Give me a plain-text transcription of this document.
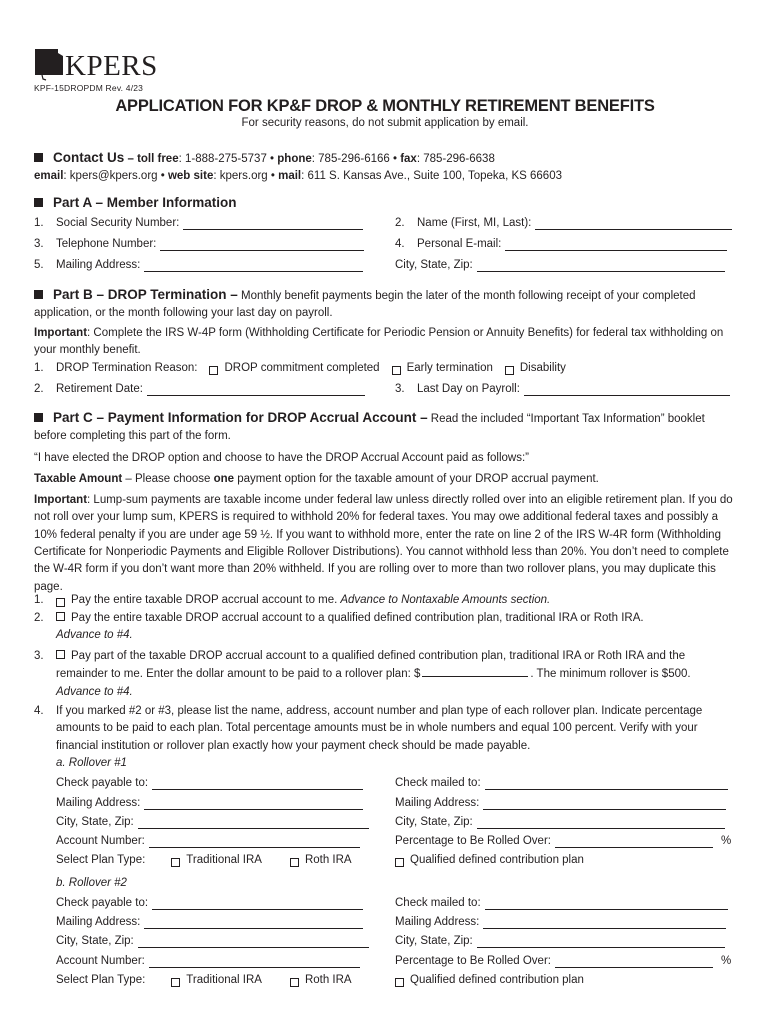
KPERS
KPF-15DROPDM Rev. 4/23
APPLICATION FOR KP&F DROP & MONTHLY RETIREMENT BENEFITS
For security reasons, do not submit application by email.
Contact Us – toll free: 1-888-275-5737 • phone: 785-296-6166 • fax: 785-296-6638
email: kpers@kpers.org • web site: kpers.org • mail: 611 S. Kansas Ave., Suite 100, Topeka, KS 66603
Part A – Member Information
1.	Social Security Number:	2.	Name (First, MI, Last):
3.	Telephone Number:	4.	Personal E-mail:
5.	Mailing Address:	City, State, Zip:
Part B – DROP Termination – Monthly benefit payments begin the later of the month following receipt of your completed application, or the month following your last day on payroll.
Important: Complete the IRS W-4P form (Withholding Certificate for Periodic Pension or Annuity Benefits) for federal tax withholding on your monthly benefit.
1.	DROP Termination Reason: DROP commitment completed Early termination Disability
2.	Retirement Date:	3.	Last Day on Payroll:
Part C – Payment Information for DROP Accrual Account – Read the included “Important Tax Information” booklet before completing this part of the form.
“I have elected the DROP option and choose to have the DROP Accrual Account paid as follows:”
Taxable Amount – Please choose one payment option for the taxable amount of your DROP accrual payment.
Important: Lump-sum payments are taxable income under federal law unless directly rolled over into an eligible retirement plan. If you do not roll over your lump sum, KPERS is required to withhold 20% for federal taxes. You may owe additional federal taxes and possibly a 10% federal penalty if you are under age 59 ½. If you want to withhold more, enter the rate on line 2 of the IRS W-4R form (Withholding Certificate for Nonperiodic Payments and Eligible Rollover Distributions). You cannot withhold less than 20%. You don’t need to complete the W-4R form if you don’t want more than 20% withheld. If you are rolling over to more than two rollover plans, you may duplicate this page.
1.	Pay the entire taxable DROP accrual account to me. Advance to Nontaxable Amounts section.
2. Pay the entire taxable DROP accrual account to a qualified defined contribution plan, traditional IRA or Roth IRA.
Advance to #4.
3.	Pay part of the taxable DROP accrual account to a qualified defined contribution plan, traditional IRA or Roth IRA and the remainder to me. Enter the dollar amount to be paid to a rollover plan: $	. The minimum rollover is $500.
Advance to #4.
4.	If you marked #2 or #3, please list the name, address, account number and plan type of each rollover plan. Indicate percentage amounts to be paid to each plan. Total percentage amounts must be in whole numbers and equal 100 percent. Verify with your financial institution or rollover plan exactly how your payment check should be made payable.
a. Rollover #1
Check payable to:	Check mailed to:
Mailing Address:	Mailing Address:
City, State, Zip:	City, State, Zip:
Account Number:	Percentage to Be Rolled Over:	%
Select Plan Type:	Traditional IRA	Roth IRA	Qualified defined contribution plan
b. Rollover #2
Check payable to:	Check mailed to:
Mailing Address:	Mailing Address:
City, State, Zip:	City, State, Zip:
Account Number:	Percentage to Be Rolled Over:	%
Select Plan Type:	Traditional IRA	Roth IRA	Qualified defined contribution plan
